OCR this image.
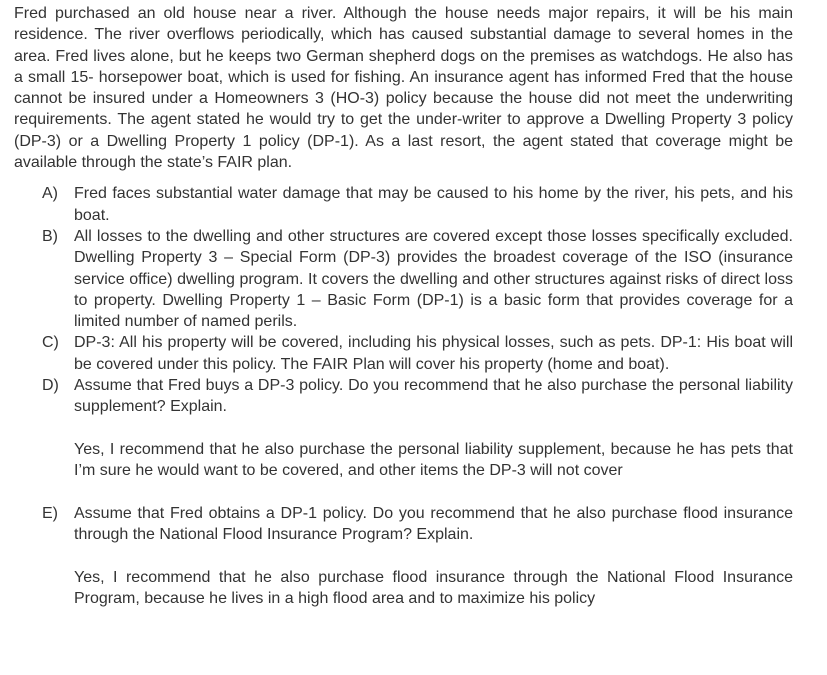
Fred purchased an old house near a river. Although the house needs major repairs, it will be his main residence. The river overflows periodically, which has caused substantial damage to several homes in the area. Fred lives alone, but he keeps two German shepherd dogs on the premises as watchdogs. He also has a small 15- horsepower boat, which is used for fishing. An insurance agent has informed Fred that the house cannot be insured under a Homeowners 3 (HO-3) policy because the house did not meet the underwriting requirements. The agent stated he would try to get the under-writer to approve a Dwelling Property 3 policy (DP-3) or a Dwelling Property 1 policy (DP-1). As a last resort, the agent stated that coverage might be available through the state’s FAIR plan.

A) Fred faces substantial water damage that may be caused to his home by the river, his pets, and his boat.
B) All losses to the dwelling and other structures are covered except those losses specifically excluded. Dwelling Property 3 – Special Form (DP-3) provides the broadest coverage of the ISO (insurance service office) dwelling program. It covers the dwelling and other structures against risks of direct loss to property. Dwelling Property 1 – Basic Form (DP-1) is a basic form that provides coverage for a limited number of named perils.
C) DP-3: All his property will be covered, including his physical losses, such as pets. DP-1: His boat will be covered under this policy. The FAIR Plan will cover his property (home and boat).
D) Assume that Fred buys a DP-3 policy. Do you recommend that he also purchase the personal liability supplement? Explain.
Yes, I recommend that he also purchase the personal liability supplement, because he has pets that I’m sure he would want to be covered, and other items the DP-3 will not cover
E) Assume that Fred obtains a DP-1 policy. Do you recommend that he also purchase flood insurance through the National Flood Insurance Program? Explain.
Yes, I recommend that he also purchase flood insurance through the National Flood Insurance Program, because he lives in a high flood area and to maximize his policy
